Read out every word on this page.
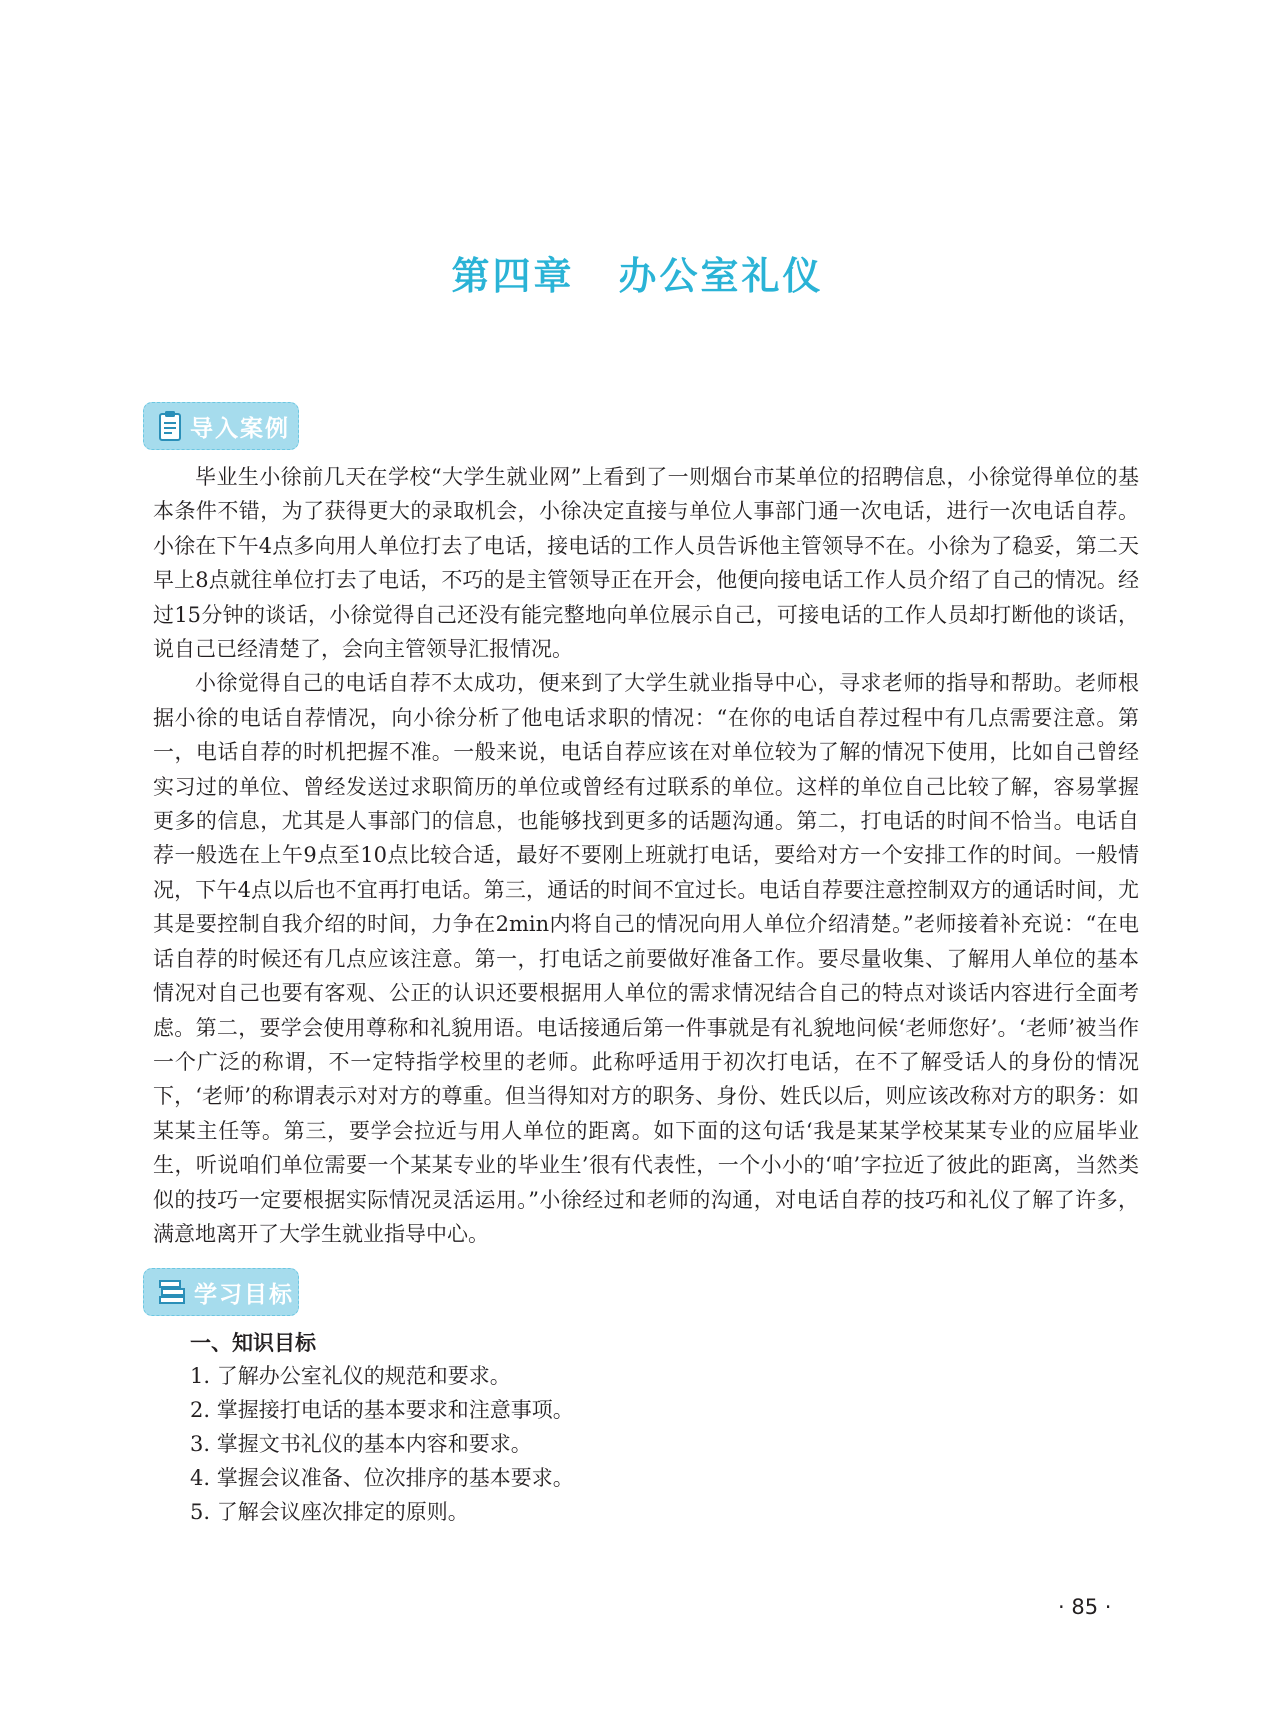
第四章 办公室礼仪
导入案例

毕业生小徐前几天在学校“大学生就业网”上看到了一则烟台市某单位的招聘信息，小徐觉得单位的基本条件不错，为了获得更大的录取机会，小徐决定直接与单位人事部门通一次电话，进行一次电话自荐。小徐在下午4点多向用人单位打去了电话，接电话的工作人员告诉他主管领导不在。小徐为了稳妥，第二天早上8点就往单位打去了电话，不巧的是主管领导正在开会，他便向接电话工作人员介绍了自己的情况。经过15分钟的谈话，小徐觉得自己还没有能完整地向单位展示自己，可接电话的工作人员却打断他的谈话，说自己已经清楚了，会向主管领导汇报情况。

小徐觉得自己的电话自荐不太成功，便来到了大学生就业指导中心，寻求老师的指导和帮助。老师根据小徐的电话自荐情况，向小徐分析了他电话求职的情况：“在你的电话自荐过程中有几点需要注意。第一，电话自荐的时机把握不准。一般来说，电话自荐应该在对单位较为了解的情况下使用，比如自己曾经实习过的单位、曾经发送过求职简历的单位或曾经有过联系的单位。这样的单位自己比较了解，容易掌握更多的信息，尤其是人事部门的信息，也能够找到更多的话题沟通。第二，打电话的时间不恰当。电话自荐一般选在上午9点至10点比较合适，最好不要刚上班就打电话，要给对方一个安排工作的时间。一般情况，下午4点以后也不宜再打电话。第三，通话的时间不宜过长。电话自荐要注意控制双方的通话时间，尤其是要控制自我介绍的时间，力争在2min内将自己的情况向用人单位介绍清楚。”老师接着补充说：“在电话自荐的时候还有几点应该注意。第一，打电话之前要做好准备工作。要尽量收集、了解用人单位的基本情况对自己也要有客观、公正的认识还要根据用人单位的需求情况结合自己的特点对谈话内容进行全面考虑。第二，要学会使用尊称和礼貌用语。电话接通后第一件事就是有礼貌地问候‘老师您好’。‘老师’被当作一个广泛的称谓，不一定特指学校里的老师。此称呼适用于初次打电话，在不了解受话人的身份的情况下，‘老师’的称谓表示对对方的尊重。但当得知对方的职务、身份、姓氏以后，则应该改称对方的职务：如某某主任等。第三，要学会拉近与用人单位的距离。如下面的这句话‘我是某某学校某某专业的应届毕业生，听说咱们单位需要一个某某专业的毕业生’很有代表性，一个小小的‘咱’字拉近了彼此的距离，当然类似的技巧一定要根据实际情况灵活运用。”小徐经过和老师的沟通，对电话自荐的技巧和礼仪了解了许多，满意地离开了大学生就业指导中心。

学习目标
一、知识目标
1. 了解办公室礼仪的规范和要求。
2. 掌握接打电话的基本要求和注意事项。
3. 掌握文书礼仪的基本内容和要求。
4. 掌握会议准备、位次排序的基本要求。
5. 了解会议座次排定的原则。
· 85 ·
